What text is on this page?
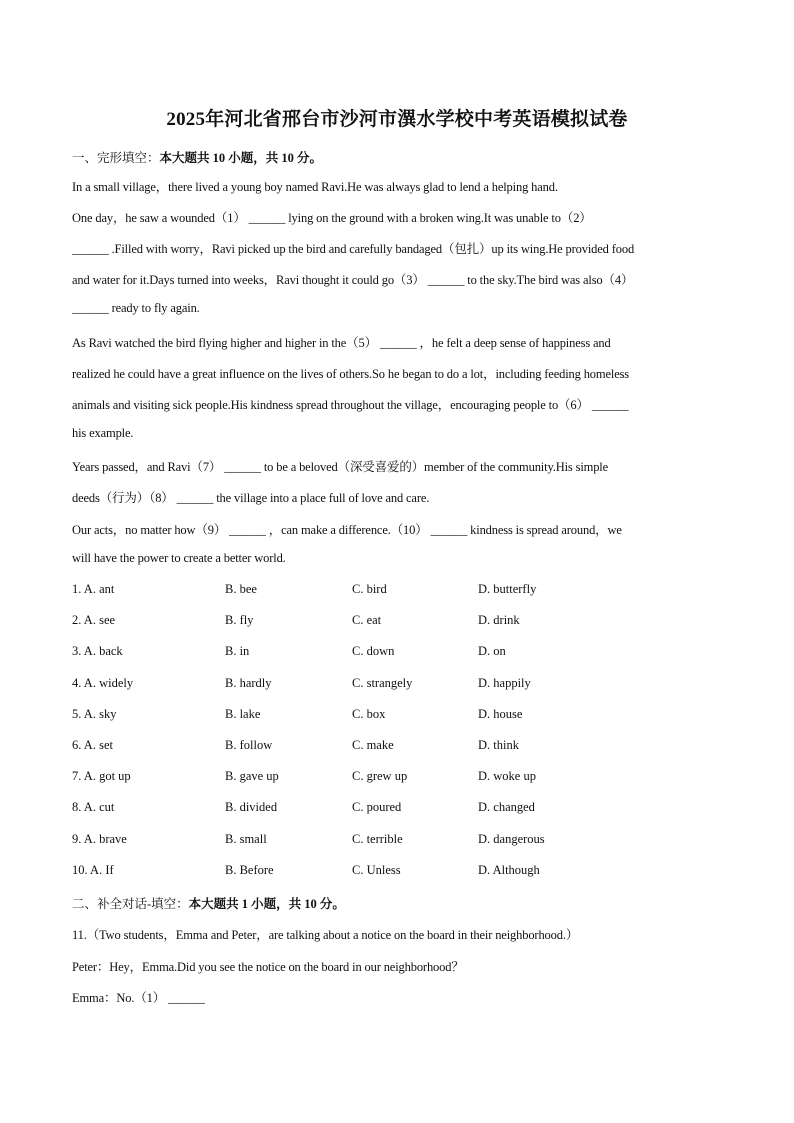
2025年河北省邢台市沙河市潩水学校中考英语模拟试卷
一、完形填空：本大题共 10 小题，共 10 分。
In a small village，there lived a young boy named Ravi.He was always glad to lend a helping hand.
One day，he saw a wounded（1） ______ lying on the ground with a broken wing.It was unable to（2）
______ .Filled with worry，Ravi picked up the bird and carefully bandaged（包扎）up its wing.He provided food
and water for it.Days turned into weeks，Ravi thought it could go（3） ______ to the sky.The bird was also（4）
______ ready to fly again.
As Ravi watched the bird flying higher and higher in the（5） ______ ，he felt a deep sense of happiness and
realized he could have a great influence on the lives of others.So he began to do a lot，including feeding homeless
animals and visiting sick people.His kindness spread throughout the village，encouraging people to（6） ______
his example.
Years passed，and Ravi（7） ______ to be a beloved（深受喜爱的）member of the community.His simple
deeds（行为）（8） ______ the village into a place full of love and care.
Our acts，no matter how（9） ______ ，can make a difference.（10） ______ kindness is spread around，we
will have the power to create a better world.
1. A. ant	B. bee	C. bird	D. butterfly
2. A. see	B. fly	C. eat	D. drink
3. A. back	B. in	C. down	D. on
4. A. widely	B. hardly	C. strangely	D. happily
5. A. sky	B. lake	C. box	D. house
6. A. set	B. follow	C. make	D. think
7. A. got up	B. gave up	C. grew up	D. woke up
8. A. cut	B. divided	C. poured	D. changed
9. A. brave	B. small	C. terrible	D. dangerous
10. A. If	B. Before	C. Unless	D. Although
二、补全对话-填空：本大题共 1 小题，共 10 分。
11.（Two students，Emma and Peter，are talking about a notice on the board in their neighborhood.）
Peter：Hey，Emma.Did you see the notice on the board in our neighborhood？
Emma：No.（1） ______
